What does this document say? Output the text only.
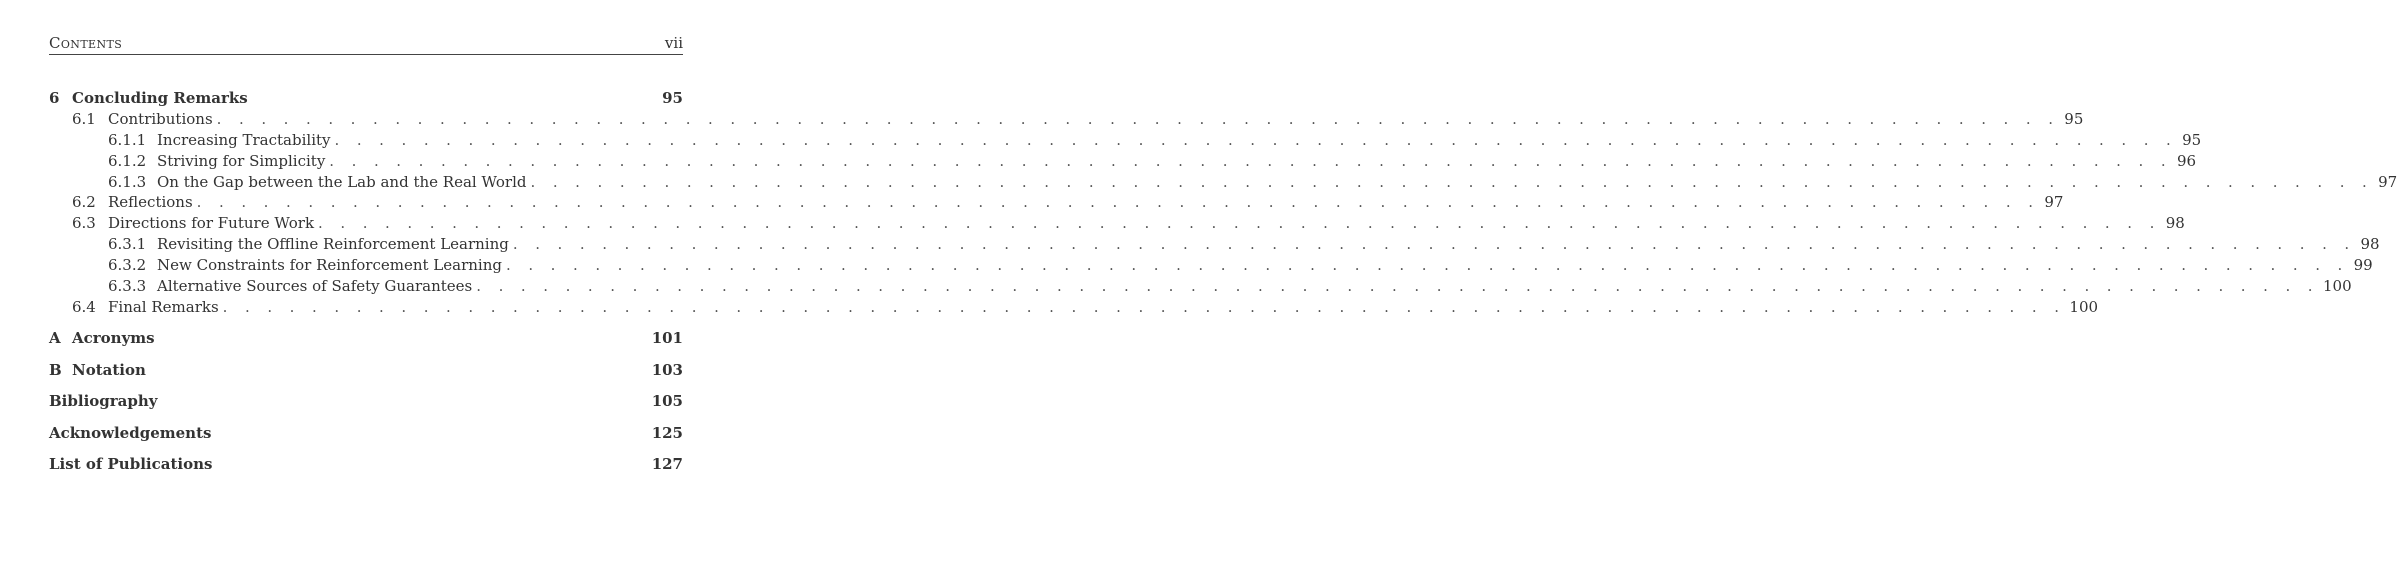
Contents	vii
6 Concluding Remarks	95
6.1 Contributions . . . . . . . . . . . . . . . . . . . . . . . . . . . . . . . . . . . . . . . . . . . . . . . . . . . . . . . . . . . . . . . . . . . . . . . . . . . . . . . . . . . 95
6.1.1 Increasing Tractability . . . . . . . . . . . . . . . . . . . . . . . . . . . . . . . . . . . . . . . . . . . . . . . . . . . . . . . . . . . . . . . . . . . . . . . . . . . . . . . . . . . 95
6.1.2 Striving for Simplicity . . . . . . . . . . . . . . . . . . . . . . . . . . . . . . . . . . . . . . . . . . . . . . . . . . . . . . . . . . . . . . . . . . . . . . . . . . . . . . . . . . . 96
6.1.3 On the Gap between the Lab and the Real World . . . . . . . . . . . . . . . . . . . . . . . . . . . . . . . . . . . . . . . . . . . . . . . . . . . . . . . . . . . . . . . . . . . . . . . . . . . . . . . . . . . 97
6.2 Reflections . . . . . . . . . . . . . . . . . . . . . . . . . . . . . . . . . . . . . . . . . . . . . . . . . . . . . . . . . . . . . . . . . . . . . . . . . . . . . . . . . . . 97
6.3 Directions for Future Work . . . . . . . . . . . . . . . . . . . . . . . . . . . . . . . . . . . . . . . . . . . . . . . . . . . . . . . . . . . . . . . . . . . . . . . . . . . . . . . . . . . 98
6.3.1 Revisiting the Offline Reinforcement Learning . . . . . . . . . . . . . . . . . . . . . . . . . . . . . . . . . . . . . . . . . . . . . . . . . . . . . . . . . . . . . . . . . . . . . . . . . . . . . . . . . . . 98
6.3.2 New Constraints for Reinforcement Learning . . . . . . . . . . . . . . . . . . . . . . . . . . . . . . . . . . . . . . . . . . . . . . . . . . . . . . . . . . . . . . . . . . . . . . . . . . . . . . . . . . . 99
6.3.3 Alternative Sources of Safety Guarantees . . . . . . . . . . . . . . . . . . . . . . . . . . . . . . . . . . . . . . . . . . . . . . . . . . . . . . . . . . . . . . . . . . . . . . . . . . . . . . . . . . . 100
6.4 Final Remarks . . . . . . . . . . . . . . . . . . . . . . . . . . . . . . . . . . . . . . . . . . . . . . . . . . . . . . . . . . . . . . . . . . . . . . . . . . . . . . . . . . . 100
A Acronyms	101
B Notation	103
Bibliography	105
Acknowledgements	125
List of Publications	127
